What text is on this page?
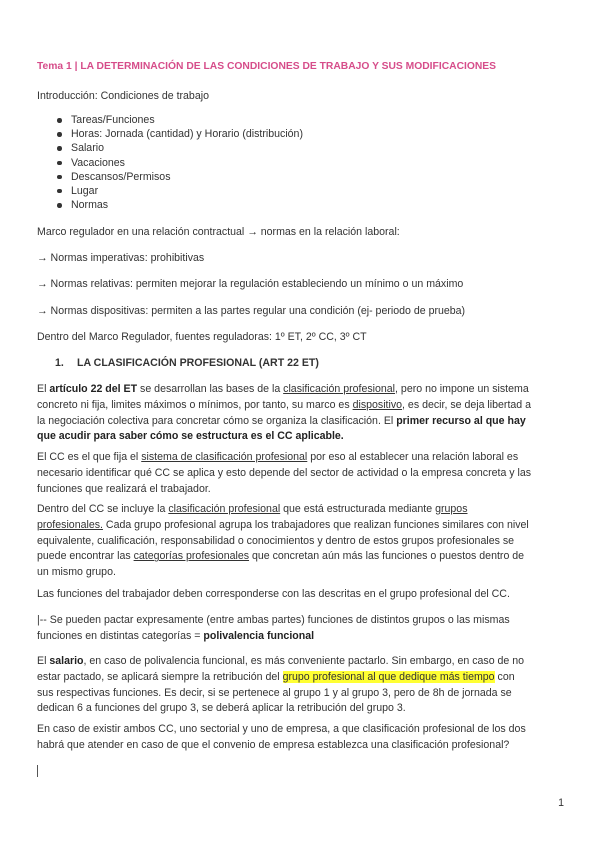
Tema 1 | LA DETERMINACIÓN DE LAS CONDICIONES DE TRABAJO Y SUS MODIFICACIONES
Introducción: Condiciones de trabajo
Tareas/Funciones
Horas: Jornada (cantidad) y Horario (distribución)
Salario
Vacaciones
Descansos/Permisos
Lugar
Normas
Marco regulador en una relación contractual → normas en la relación laboral:
→ Normas imperativas: prohibitivas
→ Normas relativas: permiten mejorar la regulación estableciendo un mínimo o un máximo
→ Normas dispositivas: permiten a las partes regular una condición (ej- periodo de prueba)
Dentro del Marco Regulador, fuentes reguladoras: 1º ET, 2º CC, 3º CT
1. LA CLASIFICACIÓN PROFESIONAL (ART 22 ET)
El artículo 22 del ET se desarrollan las bases de la clasificación profesional, pero no impone un sistema
concreto ni fija, limites máximos o mínimos, por tanto, su marco es dispositivo, es decir, se deja libertad a
la negociación colectiva para concretar cómo se organiza la clasificación. El primer recurso al que hay
que acudir para saber cómo se estructura es el CC aplicable.
El CC es el que fija el sistema de clasificación profesional por eso al establecer una relación laboral es
necesario identificar qué CC se aplica y esto depende del sector de actividad o la empresa concreta y las
funciones que realizará el trabajador.
Dentro del CC se incluye la clasificación profesional que está estructurada mediante grupos
profesionales. Cada grupo profesional agrupa los trabajadores que realizan funciones similares con nivel
equivalente, cualificación, responsabilidad o conocimientos y dentro de estos grupos profesionales se
puede encontrar las categorías profesionales que concretan aún más las funciones o puestos dentro de
un mismo grupo.
Las funciones del trabajador deben corresponderse con las descritas en el grupo profesional del CC.
|-- Se pueden pactar expresamente (entre ambas partes) funciones de distintos grupos o las mismas
funciones en distintas categorías = polivalencia funcional
El salario, en caso de polivalencia funcional, es más conveniente pactarlo. Sin embargo, en caso de no
estar pactado, se aplicará siempre la retribución del grupo profesional al que dedique más tiempo con
sus respectivas funciones. Es decir, si se pertenece al grupo 1 y al grupo 3, pero de 8h de jornada se
dedican 6 a funciones del grupo 3, se deberá aplicar la retribución del grupo 3.
En caso de existir ambos CC, uno sectorial y uno de empresa, a que clasificación profesional de los dos
habrá que atender en caso de que el convenio de empresa establezca una clasificación profesional?
1
